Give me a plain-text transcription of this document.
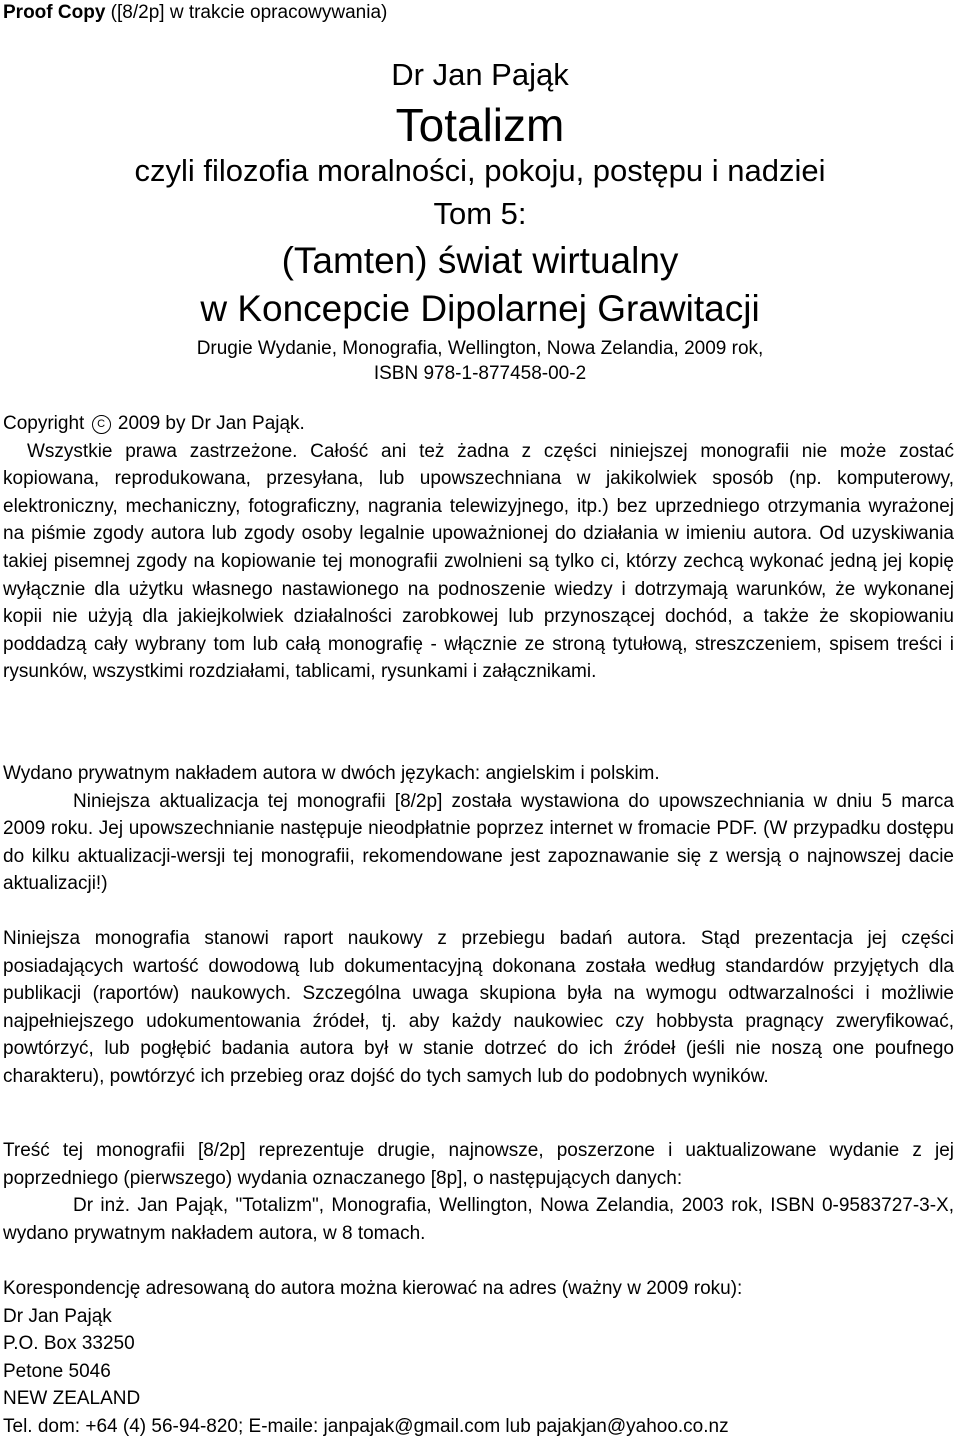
Proof Copy ([8/2p] w trakcie opracowywania)
Dr Jan Pająk
Totalizm
czyli filozofia moralności, pokoju, postępu i nadziei
Tom 5:
(Tamten) świat wirtualny
w Koncepcie Dipolarnej Grawitacji
Drugie Wydanie, Monografia, Wellington, Nowa Zelandia, 2009 rok,
ISBN 978-1-877458-00-2

Copyright C 2009 by Dr Jan Pająk.

Wszystkie prawa zastrzeżone. Całość ani też żadna z części niniejszej monografii nie może zostać kopiowana, reprodukowana, przesyłana, lub upowszechniana w jakikolwiek sposób (np. komputerowy, elektroniczny, mechaniczny, fotograficzny, nagrania telewizyjnego, itp.) bez uprzedniego otrzymania wyrażonej na piśmie zgody autora lub zgody osoby legalnie upoważnionej do działania w imieniu autora. Od uzyskiwania takiej pisemnej zgody na kopiowanie tej monografii zwolnieni są tylko ci, którzy zechcą wykonać jedną jej kopię wyłącznie dla użytku własnego nastawionego na podnoszenie wiedzy i dotrzymają warunków, że wykonanej kopii nie użyją dla jakiejkolwiek działalności zarobkowej lub przynoszącej dochód, a także że skopiowaniu poddadzą cały wybrany tom lub całą monografię - włącznie ze stroną tytułową, streszczeniem, spisem treści i rysunków, wszystkimi rozdziałami, tablicami, rysunkami i załącznikami.

Wydano prywatnym nakładem autora w dwóch językach: angielskim i polskim.

Niniejsza aktualizacja tej monografii [8/2p] została wystawiona do upowszechniania w dniu 5 marca 2009 roku. Jej upowszechnianie następuje nieodpłatnie poprzez internet w fromacie PDF. (W przypadku dostępu do kilku aktualizacji-wersji tej monografii, rekomendowane jest zapoznawanie się z wersją o najnowszej dacie aktualizacji!)

Niniejsza monografia stanowi raport naukowy z przebiegu badań autora. Stąd prezentacja jej części posiadających wartość dowodową lub dokumentacyjną dokonana została według standardów przyjętych dla publikacji (raportów) naukowych. Szczególna uwaga skupiona była na wymogu odtwarzalności i możliwie najpełniejszego udokumentowania źródeł, tj. aby każdy naukowiec czy hobbysta pragnący zweryfikować, powtórzyć, lub pogłębić badania autora był w stanie dotrzeć do ich źródeł (jeśli nie noszą one poufnego charakteru), powtórzyć ich przebieg oraz dojść do tych samych lub do podobnych wyników.

Treść tej monografii [8/2p] reprezentuje drugie, najnowsze, poszerzone i uaktualizowane wydanie z jej poprzedniego (pierwszego) wydania oznaczanego [8p], o następujących danych:

Dr inż. Jan Pająk, "Totalizm", Monografia, Wellington, Nowa Zelandia, 2003 rok, ISBN 0-9583727-3-X, wydano prywatnym nakładem autora, w 8 tomach.

Korespondencję adresowaną do autora można kierować na adres (ważny w 2009 roku):

Dr Jan Pająk

P.O. Box 33250

Petone 5046

NEW ZEALAND

Tel. dom: +64 (4) 56-94-820; E-maile: janpajak@gmail.com lub pajakjan@yahoo.co.nz
